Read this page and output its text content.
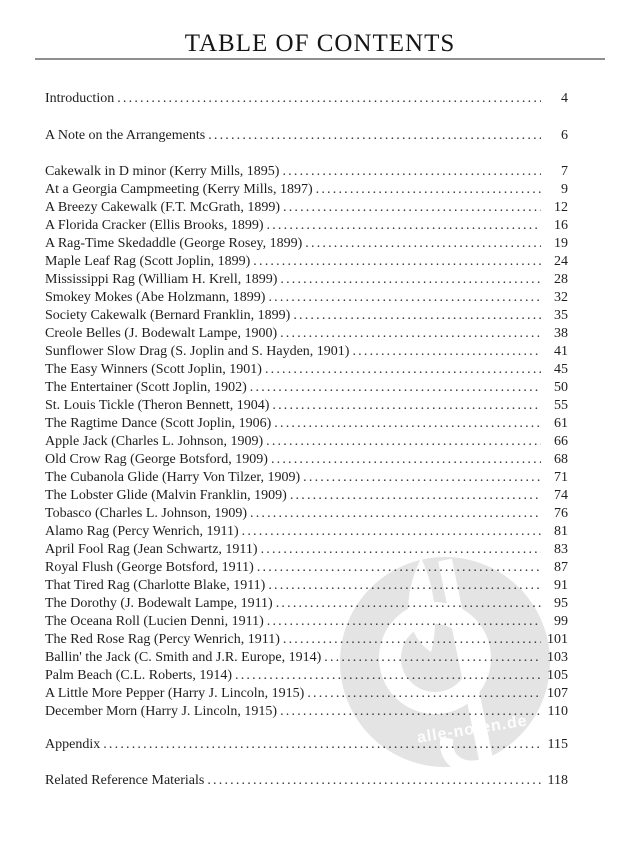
TABLE OF CONTENTS
Introduction .....	4
A Note on the Arrangements .....	6
Cakewalk in D minor (Kerry Mills, 1895) .....	7
At a Georgia Campmeeting (Kerry Mills, 1897) .....	9
A Breezy Cakewalk (F.T. McGrath, 1899) .....	12
A Florida Cracker (Ellis Brooks, 1899) .....	16
A Rag-Time Skedaddle (George Rosey, 1899) .....	19
Maple Leaf Rag (Scott Joplin, 1899) .....	24
Mississippi Rag (William H. Krell, 1899) .....	28
Smokey Mokes (Abe Holzmann, 1899) .....	32
Society Cakewalk (Bernard Franklin, 1899) .....	35
Creole Belles (J. Bodewalt Lampe, 1900) .....	38
Sunflower Slow Drag (S. Joplin and S. Hayden, 1901) .....	41
The Easy Winners (Scott Joplin, 1901) .....	45
The Entertainer (Scott Joplin, 1902) .....	50
St. Louis Tickle (Theron Bennett, 1904) .....	55
The Ragtime Dance (Scott Joplin, 1906) .....	61
Apple Jack (Charles L. Johnson, 1909) .....	66
Old Crow Rag (George Botsford, 1909) .....	68
The Cubanola Glide (Harry Von Tilzer, 1909) .....	71
The Lobster Glide (Malvin Franklin, 1909) .....	74
Tobasco (Charles L. Johnson, 1909) .....	76
Alamo Rag (Percy Wenrich, 1911) .....	81
April Fool Rag (Jean Schwartz, 1911) .....	83
Royal Flush (George Botsford, 1911) .....	87
That Tired Rag (Charlotte Blake, 1911) .....	91
The Dorothy (J. Bodewalt Lampe, 1911) .....	95
The Oceana Roll (Lucien Denni, 1911) .....	99
The Red Rose Rag (Percy Wenrich, 1911) .....	101
Ballin' the Jack (C. Smith and J.R. Europe, 1914) .....	103
Palm Beach (C.L. Roberts, 1914) .....	105
A Little More Pepper (Harry J. Lincoln, 1915) .....	107
December Morn (Harry J. Lincoln, 1915) .....	110
Appendix .....	115
Related Reference Materials .....	118
alle-noten.de
